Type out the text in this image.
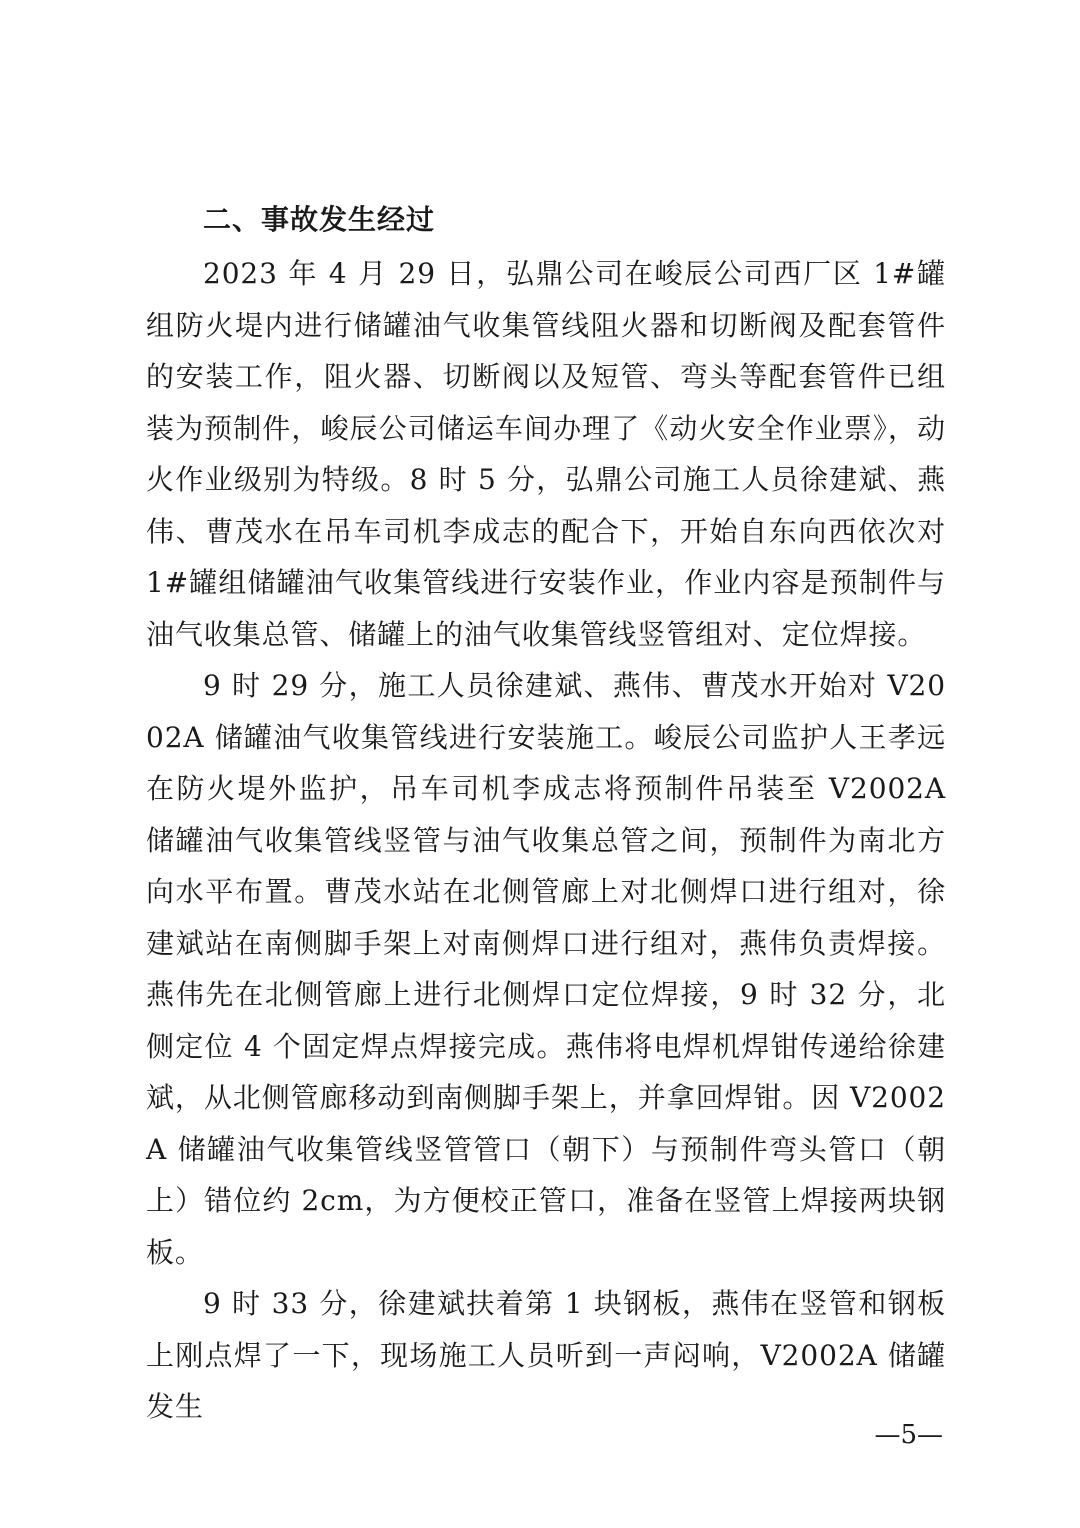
二、事故发生经过

2023 年 4 月 29 日，弘鼎公司在峻辰公司西厂区 1#罐组防火堤内进行储罐油气收集管线阻火器和切断阀及配套管件的安装工作，阻火器、切断阀以及短管、弯头等配套管件已组装为预制件，峻辰公司储运车间办理了《动火安全作业票》，动火作业级别为特级。8 时 5 分，弘鼎公司施工人员徐建斌、燕伟、曹茂水在吊车司机李成志的配合下，开始自东向西依次对 1#罐组储罐油气收集管线进行安装作业，作业内容是预制件与油气收集总管、储罐上的油气收集管线竖管组对、定位焊接。

9 时 29 分，施工人员徐建斌、燕伟、曹茂水开始对 V2002A 储罐油气收集管线进行安装施工。峻辰公司监护人王孝远在防火堤外监护，吊车司机李成志将预制件吊装至 V2002A 储罐油气收集管线竖管与油气收集总管之间，预制件为南北方向水平布置。曹茂水站在北侧管廊上对北侧焊口进行组对，徐建斌站在南侧脚手架上对南侧焊口进行组对，燕伟负责焊接。燕伟先在北侧管廊上进行北侧焊口定位焊接，9 时 32 分，北侧定位 4 个固定焊点焊接完成。燕伟将电焊机焊钳传递给徐建斌，从北侧管廊移动到南侧脚手架上，并拿回焊钳。因 V2002A 储罐油气收集管线竖管管口（朝下）与预制件弯头管口（朝上）错位约 2cm，为方便校正管口，准备在竖管上焊接两块钢板。

9 时 33 分，徐建斌扶着第 1 块钢板，燕伟在竖管和钢板上刚点焊了一下，现场施工人员听到一声闷响，V2002A 储罐发生

—5—
